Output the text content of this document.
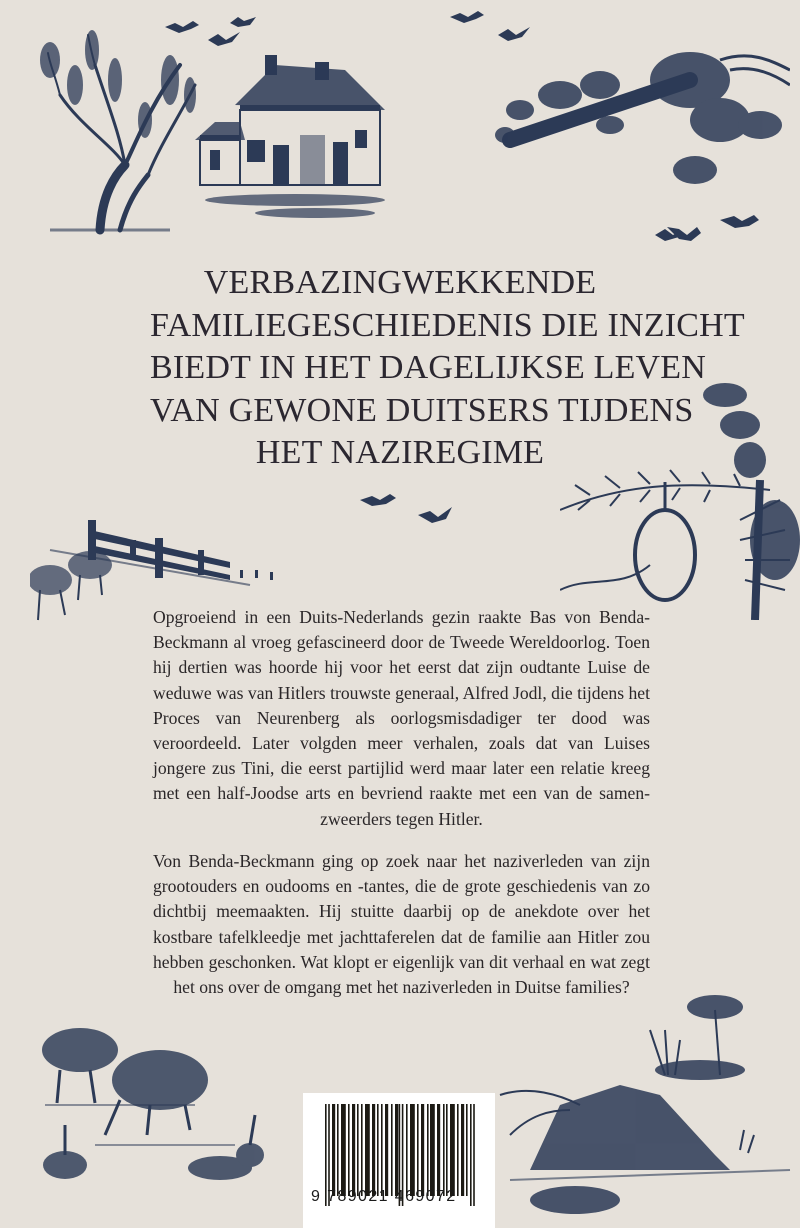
VERBAZINGWEKKENDE
FAMILIEGESCHIEDENIS DIE INZICHT
BIEDT IN HET DAGELIJKSE LEVEN
VAN GEWONE DUITSERS TIJDENS
HET NAZIREGIME

Opgroeiend in een Duits-Nederlands gezin raakte Bas von Benda-Beckmann al vroeg gefascineerd door de Tweede Wereldoorlog. Toen hij dertien was hoorde hij voor het eerst dat zijn oudtante Luise de weduwe was van Hitlers trouwste generaal, Alfred Jodl, die tijdens het Proces van Neurenberg als oorlogsmisdadiger ter dood was veroordeeld. Later volgden meer verhalen, zoals dat van Luises jongere zus Tini, die eerst partijlid werd maar later een relatie kreeg met een half-Joodse arts en bevriend raakte met een van de samenzweerders tegen Hitler.

Von Benda-Beckmann ging op zoek naar het naziverleden van zijn grootouders en oudooms en -tantes, die de grote geschiedenis van zo dichtbij meemaakten. Hij stuitte daarbij op de anekdote over het kostbare tafelkleedje met jachttaferelen dat de familie aan Hitler zou hebben geschonken. Wat klopt er eigenlijk van dit verhaal en wat zegt het ons over de omgang met het naziverleden in Duitse families?

9 789021 469072
